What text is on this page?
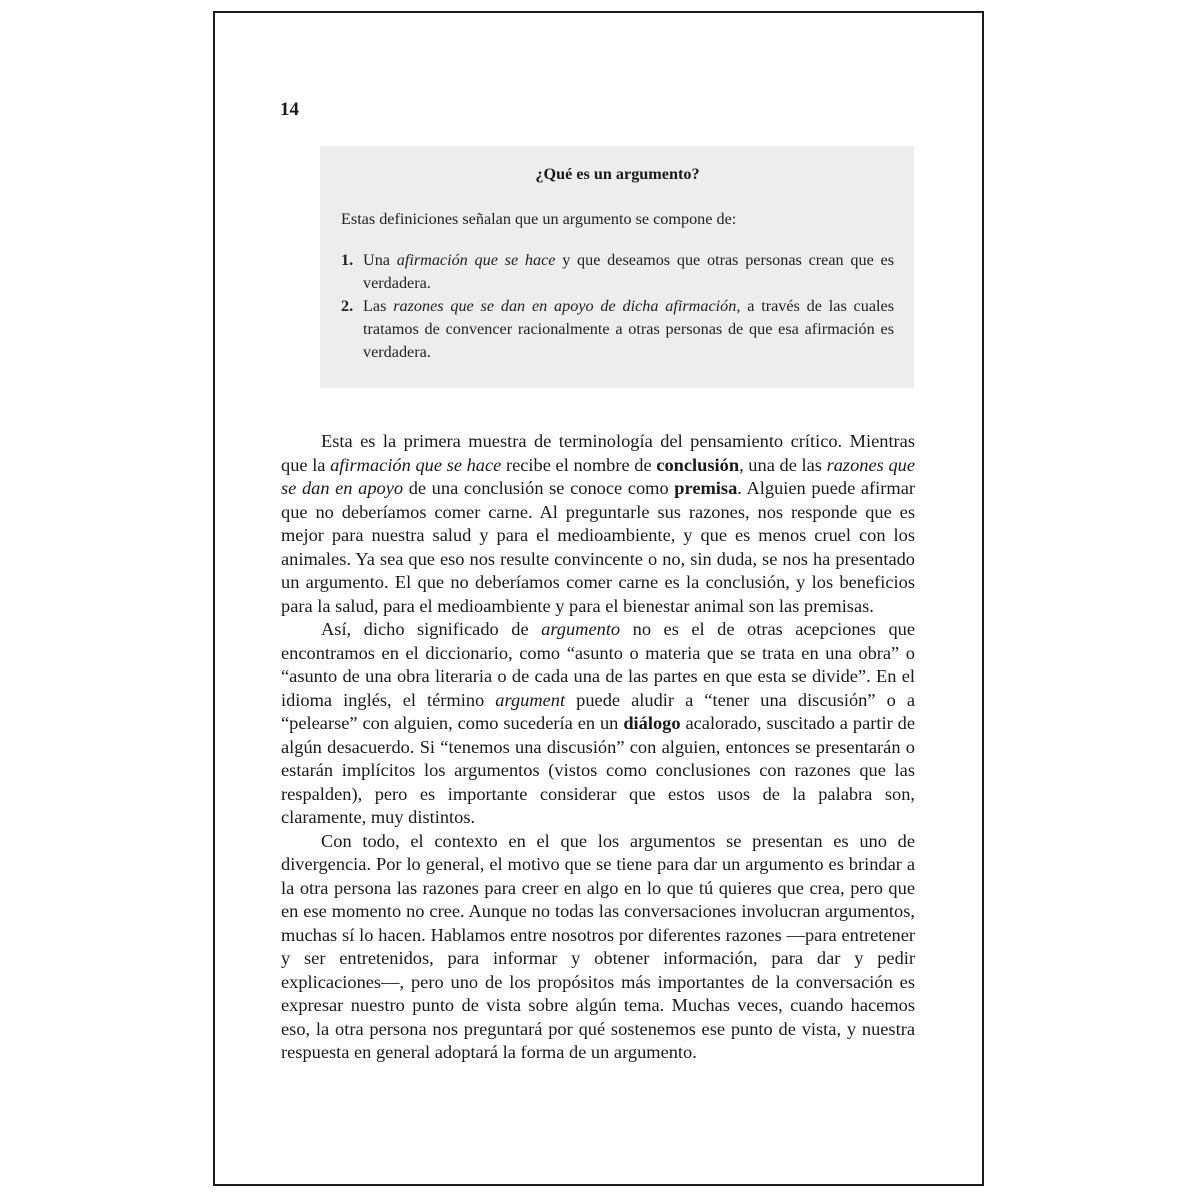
14

¿Qué es un argumento?

Estas definiciones señalan que un argumento se compone de:

1. Una afirmación que se hace y que deseamos que otras personas crean que es verdadera.
2. Las razones que se dan en apoyo de dicha afirmación, a través de las cuales tratamos de convencer racionalmente a otras personas de que esa afirmación es verdadera.

Esta es la primera muestra de terminología del pensamiento crítico. Mientras que la afirmación que se hace recibe el nombre de conclusión, una de las razones que se dan en apoyo de una conclusión se conoce como premisa. Alguien puede afirmar que no deberíamos comer carne. Al preguntarle sus razones, nos responde que es mejor para nuestra salud y para el medioambiente, y que es menos cruel con los animales. Ya sea que eso nos resulte convincente o no, sin duda, se nos ha presentado un argumento. El que no deberíamos comer carne es la conclusión, y los beneficios para la salud, para el medioambiente y para el bienestar animal son las premisas.

Así, dicho significado de argumento no es el de otras acepciones que encontramos en el diccionario, como “asunto o materia que se trata en una obra” o “asunto de una obra literaria o de cada una de las partes en que esta se divide”. En el idioma inglés, el término argument puede aludir a “tener una discusión” o a “pelearse” con alguien, como sucedería en un diálogo acalorado, suscitado a partir de algún desacuerdo. Si “tenemos una discusión” con alguien, entonces se presentarán o estarán implícitos los argumentos (vistos como conclusiones con razones que las respalden), pero es importante considerar que estos usos de la palabra son, claramente, muy distintos.

Con todo, el contexto en el que los argumentos se presentan es uno de divergencia. Por lo general, el motivo que se tiene para dar un argumento es brindar a la otra persona las razones para creer en algo en lo que tú quieres que crea, pero que en ese momento no cree. Aunque no todas las conversaciones involucran argumentos, muchas sí lo hacen. Hablamos entre nosotros por diferentes razones —para entretener y ser entretenidos, para informar y obtener información, para dar y pedir explicaciones—, pero uno de los propósitos más importantes de la conversación es expresar nuestro punto de vista sobre algún tema. Muchas veces, cuando hacemos eso, la otra persona nos preguntará por qué sostenemos ese punto de vista, y nuestra respuesta en general adoptará la forma de un argumento.
